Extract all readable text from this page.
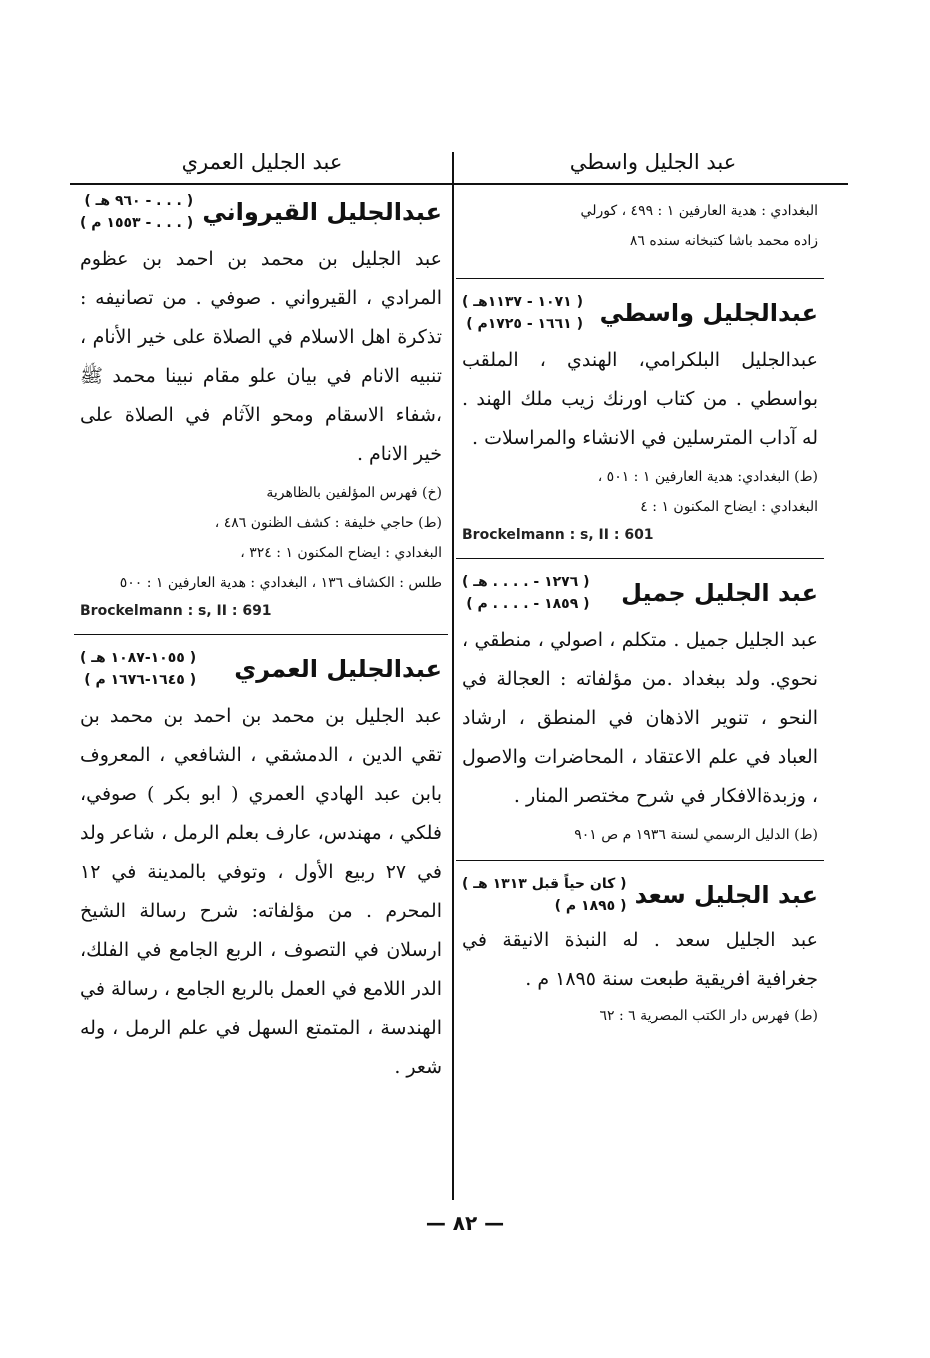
عبد الجليل واسطي
عبد الجليل العمري
البغدادي : هدية العارفين ١ : ٤٩٩ ، كورلي
زاده محمد باشا كتبخانه سنده ٨٦
عبدالجليل واسطي
( ١٠٧١ - ١١٣٧هـ )
( ١٦٦١ - ١٧٢٥م )
عبدالجليل البلكرامي، الهندي ، الملقب بواسطي . من كتاب اورنك زيب ملك الهند . له آداب المترسلين في الانشاء والمراسلات .
(ط) البغدادي: هدية العارفين ١ : ٥٠١ ،
البغدادي : ايضاح المكنون ١ : ٤
Brockelmann : s, II : 601
عبد الجليل جميل
( ١٢٧٦ - . . . . هـ )
( ١٨٥٩ - . . . . م )
عبد الجليل جميل . متكلم ، اصولي ، منطقي ، نحوي. ولد ببغداد .من مؤلفاته : العجالة في النحو ، تنوير الاذهان في المنطق ، ارشاد العباد في علم الاعتقاد ، المحاضرات والاصول ، وزبدةالافكار في شرح مختصر المنار .
(ط) الدليل الرسمي لسنة ١٩٣٦ م ص ٩٠١
عبد الجليل سعد
( كان حياً قبل ١٣١٣ هـ )
( ١٨٩٥ م )
عبد الجليل سعد . له النبذة الانيقة في جغرافية افريقية طبعت سنة ١٨٩٥ م .
(ط) فهرس دار الكتب المصرية ٦ : ٦٢
عبدالجليل القيرواني
( . . . - ٩٦٠ هـ )
( . . . - ١٥٥٣ م )
عبد الجليل بن محمد بن احمد بن عظوم المرادي ، القيرواني . صوفي . من تصانيفه : تذكرة اهل الاسلام في الصلاة على خير الأنام ، تنبيه الانام في بيان علو مقام نبينا محمد ﷺ ،شفاء الاسقام ومحو الآثام في الصلاة على خير الانام .
(خ) فهرس المؤلفين بالظاهرية
(ط) حاجي خليفة : كشف الظنون ٤٨٦ ،
البغدادي : ايضاح المكنون ١ : ٣٢٤ ،
طلس : الكشاف ١٣٦ ، البغدادي : هدية العارفين ١ : ٥٠٠
Brockelmann : s, II : 691
عبدالجليل العمري
( ١٠٥٥-١٠٨٧ هـ )
( ١٦٤٥-١٦٧٦ م )
عبد الجليل بن محمد بن احمد بن محمد بن تقي الدين ، الدمشقي ، الشافعي ، المعروف بابن عبد الهادي العمري ( ابو بكر ) صوفي، فلكي ، مهندس، عارف بعلم الرمل ، شاعر ولد في ٢٧ ربيع الأول ، وتوفي بالمدينة في ١٢ المحرم . من مؤلفاته: شرح رسالة الشيخ ارسلان في التصوف ، الربع الجامع في الفلك، الدر اللامع في العمل بالربع الجامع ، رسالة في الهندسة ، المتمتع السهل في علم الرمل ، وله شعر .
— ٨٢ —
